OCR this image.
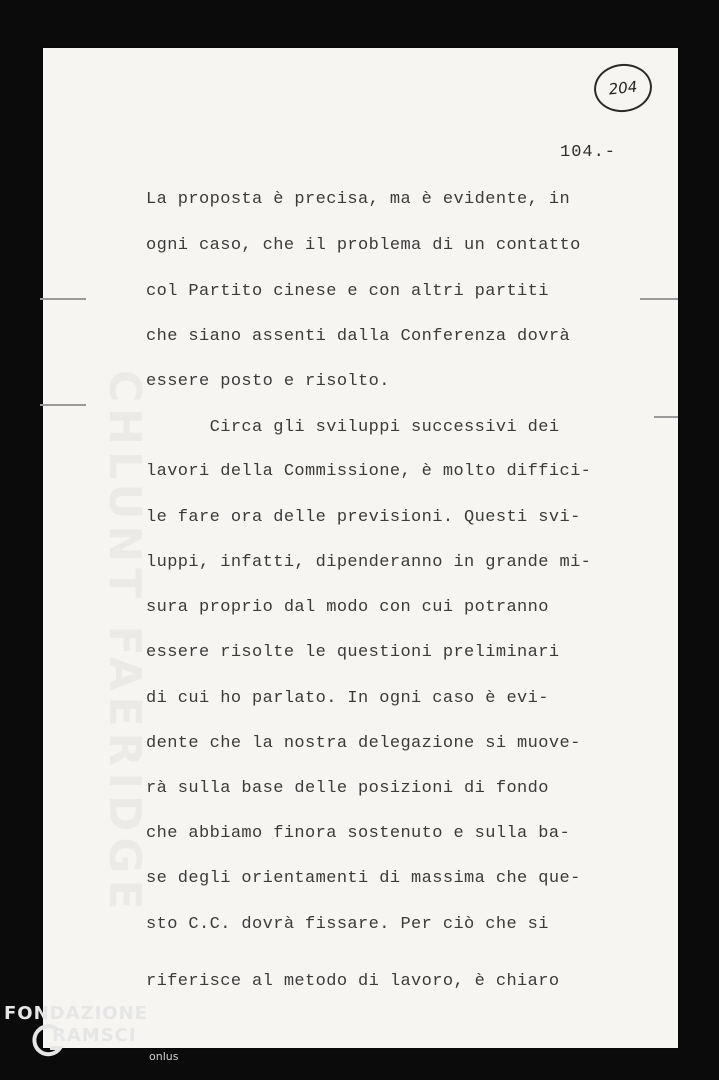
CHLUNT FAERIDGE
204
104.-
La proposta è precisa, ma è evidente, in
ogni caso, che il problema di un contatto
col Partito cinese e con altri partiti
che siano assenti dalla Conferenza dovrà
essere posto e risolto.
Circa gli sviluppi successivi dei
lavori della Commissione, è molto diffici-
le fare ora delle previsioni. Questi svi-
luppi, infatti, dipenderanno in grande mi-
sura proprio dal modo con cui potranno
essere risolte le questioni preliminari
di cui ho parlato. In ogni caso è evi-
dente che la nostra delegazione si muove-
rà sulla base delle posizioni di fondo
che abbiamo finora sostenuto e sulla ba-
se degli orientamenti di massima che que-
sto C.C. dovrà fissare. Per ciò che si
riferisce al metodo di lavoro, è chiaro
FONDAZIONE
RAMSCI
onlus
